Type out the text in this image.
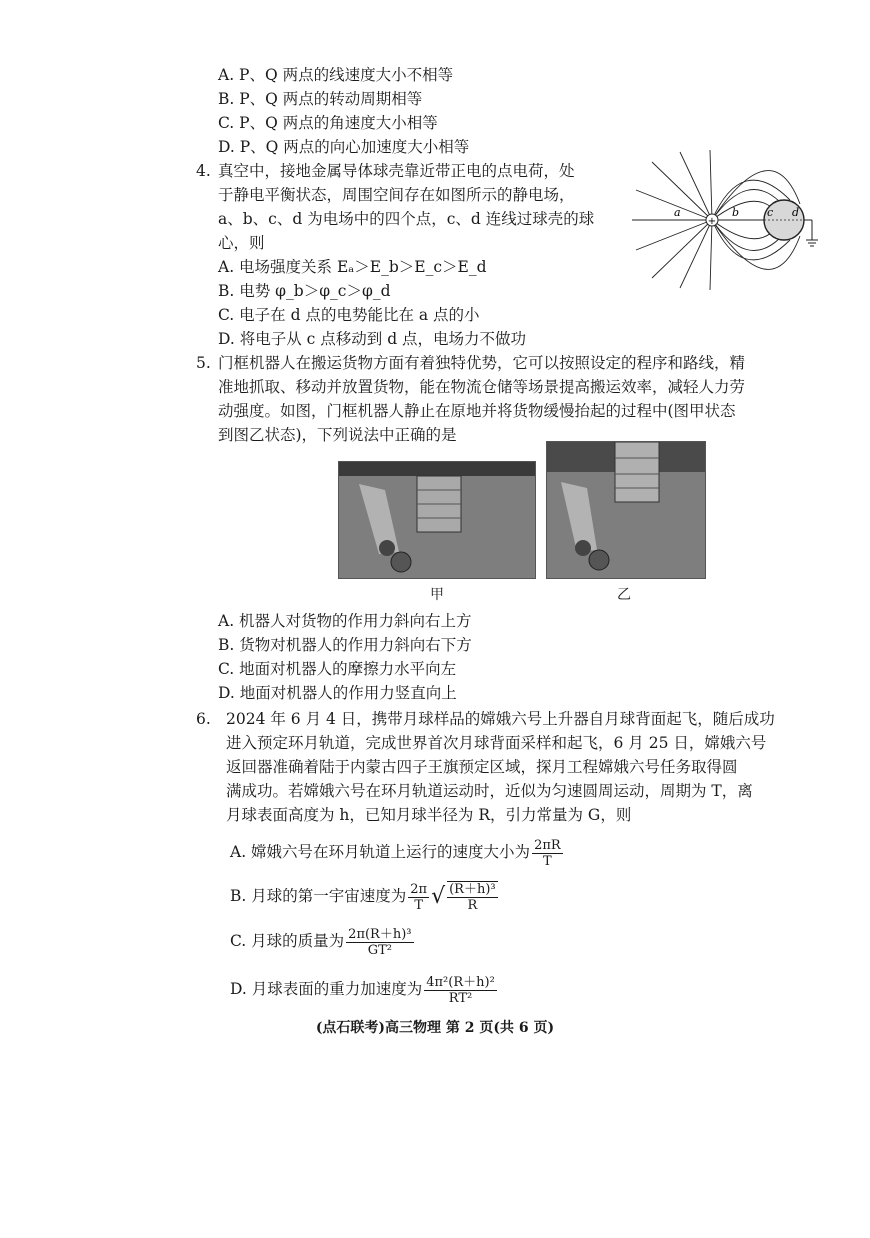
A. P、Q 两点的线速度大小不相等
B. P、Q 两点的转动周期相等
C. P、Q 两点的角速度大小相等
D. P、Q 两点的向心加速度大小相等
4. 真空中，接地金属导体球壳靠近带正电的点电荷，处
于静电平衡状态，周围空间存在如图所示的静电场，
a、b、c、d 为电场中的四个点，c、d 连线过球壳的球
心，则
A. 电场强度关系 Eₐ＞E_b＞E_c＞E_d
B. 电势 φ_b＞φ_c＞φ_d
C. 电子在 d 点的电势能比在 a 点的小
D. 将电子从 c 点移动到 d 点，电场力不做功
+
a	b	c d
5. 门框机器人在搬运货物方面有着独特优势，它可以按照设定的程序和路线，精
准地抓取、移动并放置货物，能在物流仓储等场景提高搬运效率，减轻人力劳
动强度。如图，门框机器人静止在原地并将货物缓慢抬起的过程中(图甲状态
到图乙状态)，下列说法中正确的是
甲	乙
A. 机器人对货物的作用力斜向右上方
B. 货物对机器人的作用力斜向右下方
C. 地面对机器人的摩擦力水平向左
D. 地面对机器人的作用力竖直向上
6. 2024 年 6 月 4 日，携带月球样品的嫦娥六号上升器自月球背面起飞，随后成功
进入预定环月轨道，完成世界首次月球背面采样和起飞，6 月 25 日，嫦娥六号
返回器准确着陆于内蒙古四子王旗预定区域，探月工程嫦娥六号任务取得圆
满成功。若嫦娥六号在环月轨道运动时，近似为匀速圆周运动，周期为 T，离
月球表面高度为 h，已知月球半径为 R，引力常量为 G，则
A. 嫦娥六号在环月轨道上运行的速度大小为 $\frac{2\pi R}{T}$
B. 月球的第一宇宙速度为 $\frac{2\pi}{T}$ √ $\frac{\text{(R＋h)³}}{R}$
C. 月球的质量为 $\frac{\text{2π(R＋h)³}}{\text{GT²}}$
D. 月球表面的重力加速度为 $\frac{\text{4π²(R＋h)²}}{\text{RT²}}$
(点石联考)高三物理 第 2 页(共 6 页)
